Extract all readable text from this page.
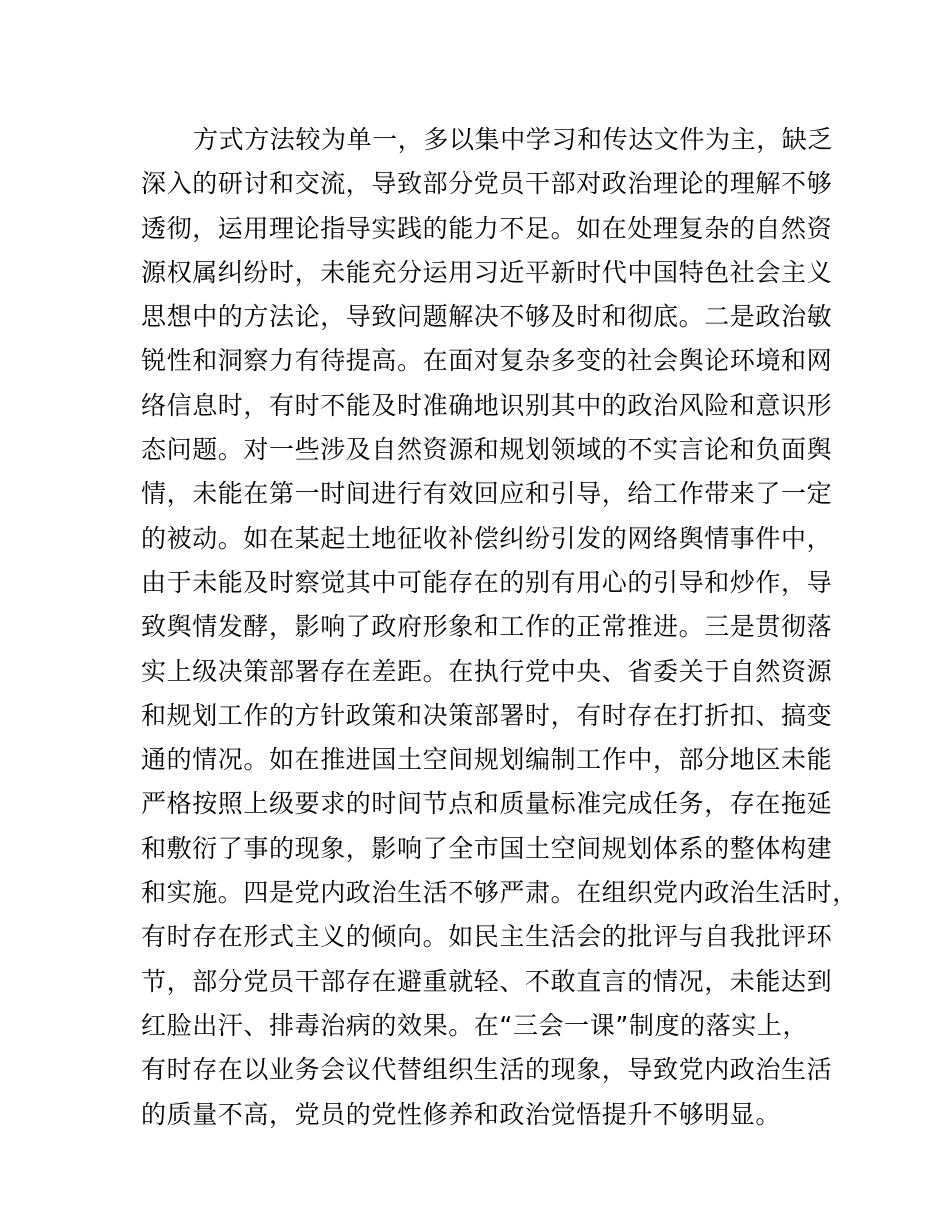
方式方法较为单一，多以集中学习和传达文件为主，缺乏
深入的研讨和交流，导致部分党员干部对政治理论的理解不够
透彻，运用理论指导实践的能力不足。如在处理复杂的自然资
源权属纠纷时，未能充分运用习近平新时代中国特色社会主义
思想中的方法论，导致问题解决不够及时和彻底。二是政治敏
锐性和洞察力有待提高。在面对复杂多变的社会舆论环境和网
络信息时，有时不能及时准确地识别其中的政治风险和意识形
态问题。对一些涉及自然资源和规划领域的不实言论和负面舆
情，未能在第一时间进行有效回应和引导，给工作带来了一定
的被动。如在某起土地征收补偿纠纷引发的网络舆情事件中，
由于未能及时察觉其中可能存在的别有用心的引导和炒作，导
致舆情发酵，影响了政府形象和工作的正常推进。三是贯彻落
实上级决策部署存在差距。在执行党中央、省委关于自然资源
和规划工作的方针政策和决策部署时，有时存在打折扣、搞变
通的情况。如在推进国土空间规划编制工作中，部分地区未能
严格按照上级要求的时间节点和质量标准完成任务，存在拖延
和敷衍了事的现象，影响了全市国土空间规划体系的整体构建
和实施。四是党内政治生活不够严肃。在组织党内政治生活时，
有时存在形式主义的倾向。如民主生活会的批评与自我批评环
节，部分党员干部存在避重就轻、不敢直言的情况，未能达到
红脸出汗、排毒治病的效果。在“三会一课”制度的落实上，
有时存在以业务会议代替组织生活的现象，导致党内政治生活
的质量不高，党员的党性修养和政治觉悟提升不够明显。
